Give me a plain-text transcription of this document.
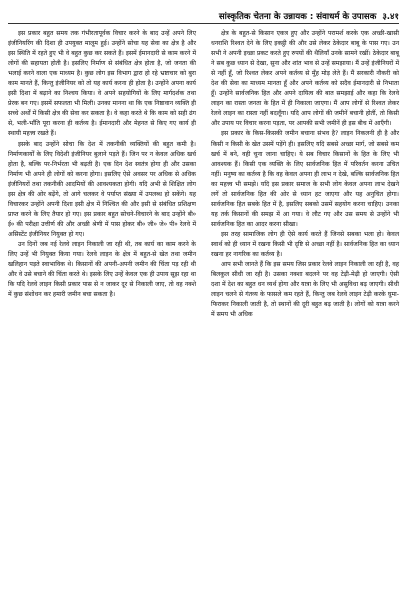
सांस्कृतिक चेतना के उन्नायक : संवाधर्म के उपासक ३.४१

इस प्रकार बहुत समय तक गंभीरतापूर्वक विचार करने के बाद उन्हें अपने लिए इंजीनियरिंग की दिशा ही उपयुक्त मालूम हुई। उन्होंने सोचा यह सेवा का क्षेत्र है और इस स्थिति में रहते हुए भी वे बहुत कुछ कर सकते हैं। इसमें ईमानदारी से काम करने में लोगों की सहायता होती है। इसलिए निर्माण से संबंधित क्षेत्र होता है, जो जनता की भलाई करने वाला एक माध्यम है। कुछ लोग इस विभाग द्वारा हो रहे भ्रष्टाचार को बुरा काम मानते हैं, किन्तु इंजीनियर को तो यह कार्य करना ही होता है। उन्होंने अपना कार्य इसी दिशा में बढ़ाने का निश्चय किया। वे अपने सहयोगियों के लिए मार्गदर्शक तथा प्रेरक बन गए। इसमें सफलता भी मिली। उनका मानना था कि एक निष्ठावान व्यक्ति ही सच्चे अर्थों में किसी क्षेत्र की सेवा कर सकता है। वे कहा करते थे कि काम को सही ढंग से, भली-भाँति पूरा करना ही कर्तव्य है। ईमानदारी और मेहनत से किए गए कार्य ही स्थायी महत्त्व रखते हैं।

इसके बाद उन्होंने सोचा कि देश में तकनीकी व्यक्तियों की बहुत कमी है। निर्माणकार्यों के लिए विदेशी इंजीनियर बुलाने पड़ते हैं। जिन पर न केवल अधिक खर्च होता है, बल्कि पर-निर्भरता भी बढ़ती है। एक दिन देश स्वतंत्र होगा ही और उसका निर्माण भी अपने ही लोगों को करना होगा। इसलिए ऐसे अवसर पर अधिक से अधिक इंजीनियरों तथा तकनीकी आदमियों की आवश्यकता होगी। यदि अभी से शिक्षित लोग इस क्षेत्र की ओर बढ़ेंगे, तो आगे चलकर वे पर्याप्त संख्या में उपलब्ध हो सकेंगे। यह विचारकर उन्होंने अपनी दिशा इसी क्षेत्र में निश्चित की और इसी से संबंधित प्रशिक्षण प्राप्त करने के लिए तैयार हो गए। इस प्रकार बहुत सोचने-विचारने के बाद उन्होंने बी० ई० की परीक्षा उत्तीर्ण की और अच्छी श्रेणी में पास होकर बी० जी० जे० पी० रेलवे में असिस्टेंट इंजीनियर नियुक्त हो गए।

उन दिनों जब नई रेलवे लाइन निकाली जा रही थी, तब कार्य का काम करने के लिए उन्हें भी नियुक्त किया गया। रेलवे लाइन के क्षेत्र में बहुत-से खेत तथा जमीन खलिहान पड़ते स्वाभाविक थे। किसानों की अपनी-अपनी जमीन की चिंता पड़ रही थी और वे उसे बचाने की चिंता करते थे। इसके लिए उन्हें केवल एक ही उपाय सूझ रहा था कि यदि रेलवे लाइन किसी प्रकार पास से न जाकर दूर से निकाली जाए, तो वह नक्शे में कुछ संशोधन कर हमारी जमीन बचा सकता है।

क्षेत्र के बहुत-से किसान एकत्र हुए और उन्होंने परामर्श करके एक अच्छी-खासी धनराशि रिश्वत देने के लिए इकट्ठी की और उसे लेकर ठेकेदार बाबू के पास गए। उन सभी ने अपनी इच्छा प्रकट करते हुए रुपयों की थैलियाँ उनके सामने रखीं। ठेकेदार बाबू ने सब कुछ ध्यान से देखा, सुना और शांत भाव से उन्हें समझाया। मैं उन्हें इंजीनियरों में से नहीं हूँ, जो रिश्वत लेकर अपने कर्तव्य से मुँह मोड़ लेते हैं। मैं सरकारी नौकरी को देश की सेवा का माध्यम मानता हूँ और अपने कर्तव्य को सदैव ईमानदारी से निभाता हूँ। उन्होंने सार्वजनिक हित और अपने दायित्व की बात समझाई और कहा कि रेलवे लाइन का रास्ता जनता के हित में ही निकाला जाएगा। मैं आप लोगों से रिश्वत लेकर रेलवे लाइन का रास्ता नहीं बदलूँगा। यदि आप लोगों की जमीनें बचानी होतीं, तो किसी और उपाय पर विचार करना पड़ता, पर आपकी सभी जमीनें ही इस बीच में आएँगी।

इस प्रकार के किस-किसकी जमीन बचाना संभव है? लाइन निकलनी ही है और किसी न किसी के खेत उसमें पड़ेंगे ही। इसलिए यदि सबसे अच्छा मार्ग, जो सबसे कम खर्च में बने, वही चुना जाना चाहिए। ये सब विचार किसानों के हित के लिए भी आवश्यक हैं। किसी एक व्यक्ति के लिए सार्वजनिक हित में परिवर्तन करना उचित नहीं। मनुष्य का कर्तव्य है कि वह केवल अपना ही लाभ न देखे, बल्कि सार्वजनिक हित का महत्त्व भी समझे। यदि इस प्रकार समाज के सभी लोग केवल अपना लाभ देखने लगें तो सार्वजनिक हित की ओर से ध्यान हट जाएगा और यह अनुचित होगा। सार्वजनिक हित सबके हित में है, इसलिए सबको उसमें सहयोग करना चाहिए। उनका यह तर्क किसानों की समझ में आ गया। वे लौट गए और उस समय से उन्होंने भी सार्वजनिक हित का आदर करना सीखा।

इस तरह सामाजिक लोग ही ऐसे कार्य करते हैं जिनसे सबका भला हो। केवल स्वार्थ को ही ध्यान में रखना किसी भी दृष्टि से अच्छा नहीं है। सार्वजनिक हित का ध्यान रखना हर नागरिक का कर्तव्य है।

आप सभी जानते हैं कि इस समय जिस प्रकार रेलवे लाइन निकाली जा रही है, वह बिलकुल सीधी जा रही है। उसका नक्शा बदलने पर वह टेढ़ी-मेढ़ी हो जाएगी। ऐसी दशा में देश का बहुत धन व्यर्थ होगा और यात्रा के लिए भी असुविधा बढ़ जाएगी। सीधी लाइन चलने से गंतव्य के फासले कम रहते हैं, किन्तु जब रेलवे लाइन टेढ़ी करके घुमा-फिराकर निकाली जाती है, तो स्थानों की दूरी बहुत बढ़ जाती है। लोगों को यात्रा करने में समय भी अधिक
